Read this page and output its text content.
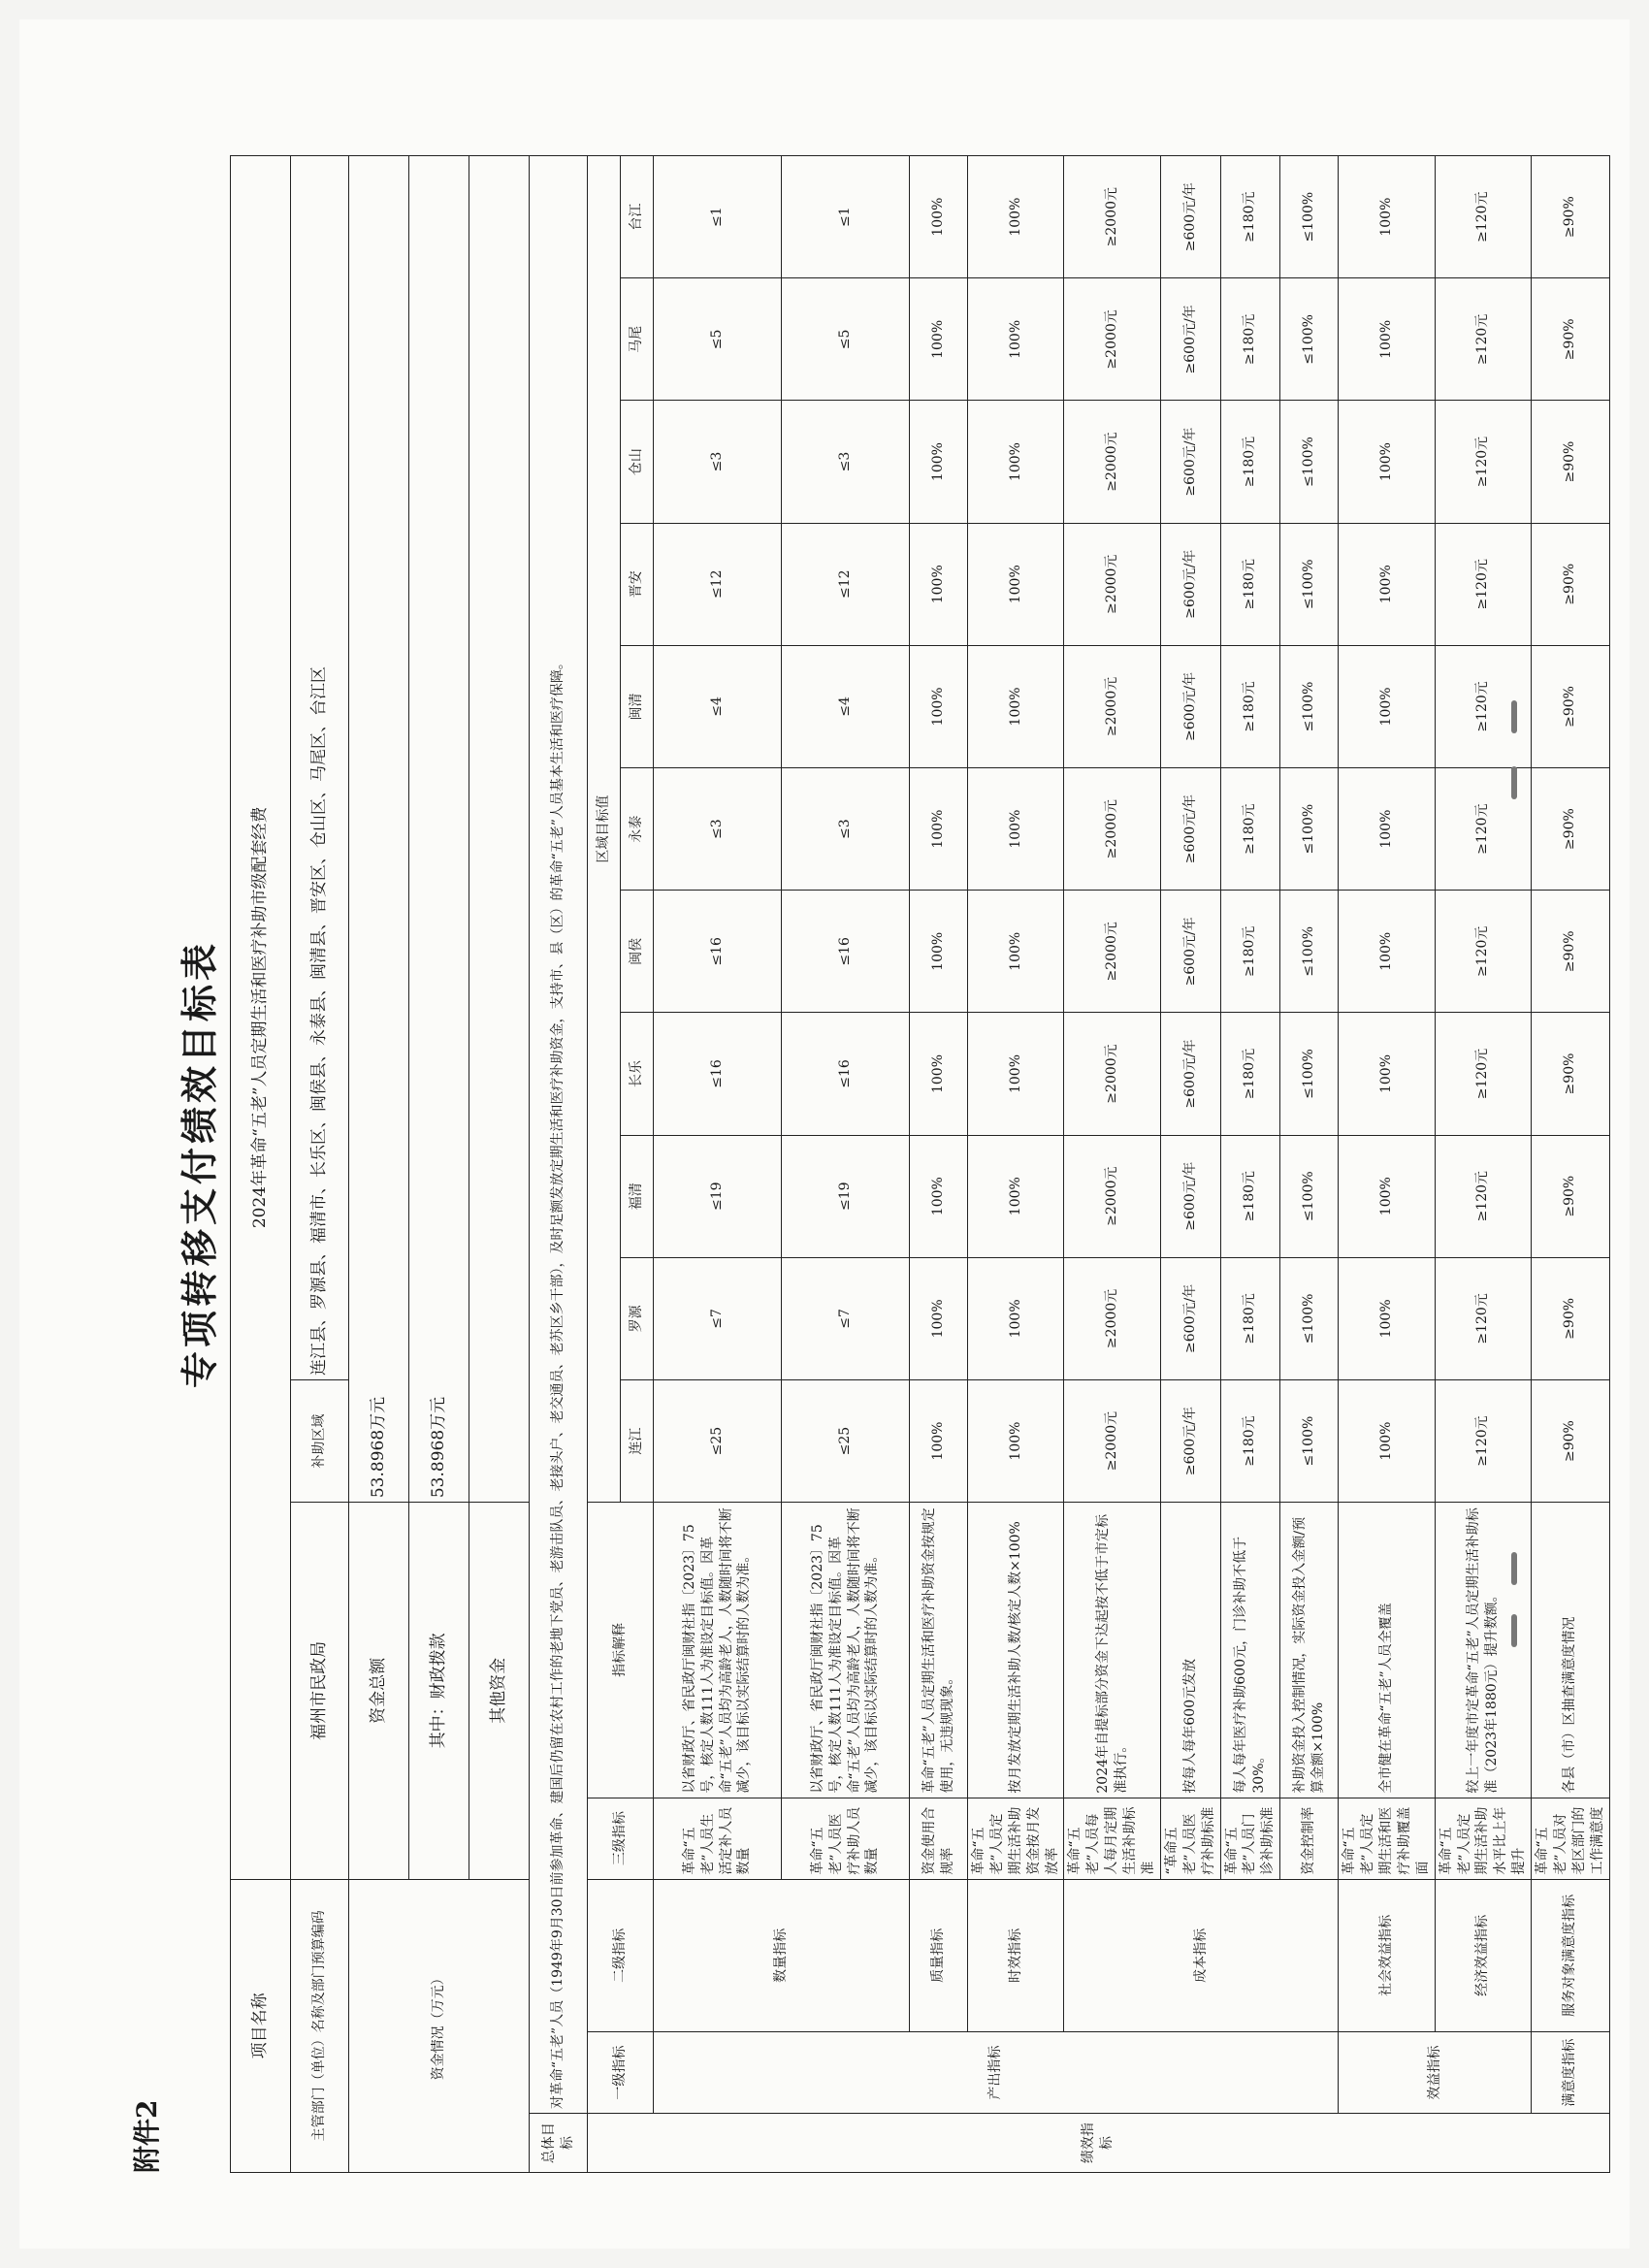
附件2
专项转移支付绩效目标表
项目名称			2024年革命“五老”人员定期生活和医疗补助市级配套经费												
主管部门（单位）名称及部门预算编码			福州市民政局		补助区域	连江县、罗源县、福清市、长乐区、闽侯县、永泰县、闽清县、晋安区、仓山区、马尾区、台江区									
资金情况（万元）			资金总额		53.8968万元										
			其中：财政拨款		53.8968万元										
			其他资金												
总体目标	对革命“五老”人员（1949年9月30日前参加革命、建国后仍留在农村工作的老地下党员、老游击队员、老接头户、老交通员、老苏区乡干部），及时足额发放定期生活和医疗补助资金，支持市、县（区）的革命“五老”人员基本生活和医疗保障。														
绩效指标	一级指标	二级指标	三级指标	指标解释	区域目标值										
					连江	罗源	福清	长乐	闽侯	永泰	闽清	晋安	仓山	马尾	台江
	产出指标	数量指标	革命“五老”人员生活定补人员数量	以省财政厅、省民政厅闽财社指〔2023〕75号，核定人数111人为准设定目标值。因革命“五老”人员均为高龄老人，人数随时间将不断减少，该目标以实际结算时的人数为准。	≤25	≤7	≤19	≤16	≤16	≤3	≤4	≤12	≤3	≤5	≤1
			革命“五老”人员医疗补助人员数量	以省财政厅、省民政厅闽财社指〔2023〕75号，核定人数111人为准设定目标值。因革命“五老”人员均为高龄老人，人数随时间将不断减少，该目标以实际结算时的人数为准。	≤25	≤7	≤19	≤16	≤16	≤3	≤4	≤12	≤3	≤5	≤1
		质量指标	资金使用合规率	革命“五老”人员定期生活和医疗补助资金按规定使用，无违规现象。	100%	100%	100%	100%	100%	100%	100%	100%	100%	100%	100%
		时效指标	革命“五老”人员定期生活补助资金按月发放率	按月发放定期生活补助人数/核定人数×100%	100%	100%	100%	100%	100%	100%	100%	100%	100%	100%	100%
		成本指标	革命“五老”人员每人每月定期生活补助标准	2024年自提标部分资金下达起按不低于市定标准执行。	≥2000元	≥2000元	≥2000元	≥2000元	≥2000元	≥2000元	≥2000元	≥2000元	≥2000元	≥2000元	≥2000元
			“革命五老”人员医疗补助标准	按每人每年600元发放	≥600元/年	≥600元/年	≥600元/年	≥600元/年	≥600元/年	≥600元/年	≥600元/年	≥600元/年	≥600元/年	≥600元/年	≥600元/年
			革命“五老”人员门诊补助标准	每人每年医疗补助600元，门诊补助不低于30%。	≥180元	≥180元	≥180元	≥180元	≥180元	≥180元	≥180元	≥180元	≥180元	≥180元	≥180元
			资金控制率	补助资金投入控制情况，实际资金投入金额/预算金额×100%	≤100%	≤100%	≤100%	≤100%	≤100%	≤100%	≤100%	≤100%	≤100%	≤100%	≤100%
	效益指标	社会效益指标	革命“五老”人员定期生活和医疗补助覆盖面	全市健在革命“五老”人员全覆盖	100%	100%	100%	100%	100%	100%	100%	100%	100%	100%	100%
		经济效益指标	革命“五老”人员定期生活补助水平比上年提升	较上一年度市定革命“五老”人员定期生活补助标准（2023年1880元）提升数额。	≥120元	≥120元	≥120元	≥120元	≥120元	≥120元	≥120元	≥120元	≥120元	≥120元	≥120元
	满意度指标	服务对象满意度指标	革命“五老”人员对老区部门的工作满意度	各县（市）区抽查满意度情况	≥90%	≥90%	≥90%	≥90%	≥90%	≥90%	≥90%	≥90%	≥90%	≥90%	≥90%
